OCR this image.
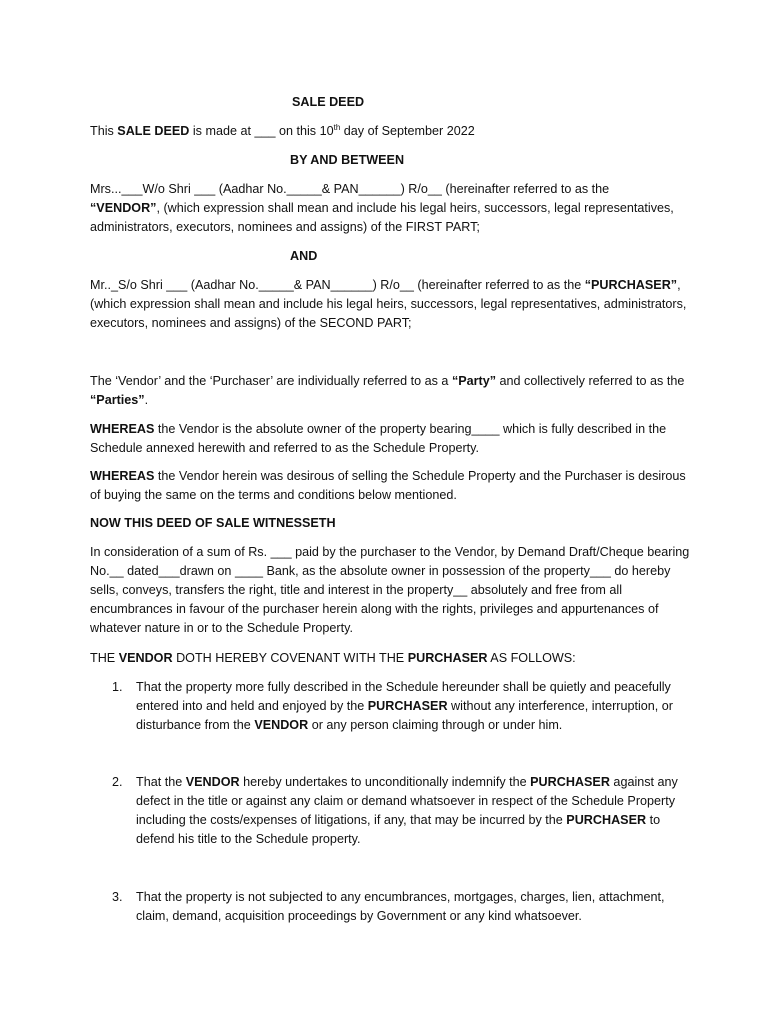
SALE DEED

This SALE DEED is made at ___ on this 10th day of September 2022

BY AND BETWEEN

Mrs...___W/o Shri ___ (Aadhar No._____& PAN______) R/o__ (hereinafter referred to as the
“VENDOR”, (which expression shall mean and include his legal heirs, successors, legal representatives, administrators, executors, nominees and assigns) of the FIRST PART;

AND

Mr.._S/o Shri ___ (Aadhar No._____& PAN______) R/o__ (hereinafter referred to as the “PURCHASER”, (which expression shall mean and include his legal heirs, successors, legal representatives, administrators, executors, nominees and assigns) of the SECOND PART;

The ‘Vendor’ and the ‘Purchaser’ are individually referred to as a “Party” and collectively referred to as the “Parties”.

WHEREAS the Vendor is the absolute owner of the property bearing____ which is fully described in the Schedule annexed herewith and referred to as the Schedule Property.

WHEREAS the Vendor herein was desirous of selling the Schedule Property and the Purchaser is desirous of buying the same on the terms and conditions below mentioned.

NOW THIS DEED OF SALE WITNESSETH

In consideration of a sum of Rs. ___ paid by the purchaser to the Vendor, by Demand Draft/Cheque bearing No.__ dated___drawn on ____ Bank, as the absolute owner in possession of the property___ do hereby sells, conveys, transfers the right, title and interest in the property__ absolutely and free from all encumbrances in favour of the purchaser herein along with the rights, privileges and appurtenances of whatever nature in or to the Schedule Property.

THE VENDOR DOTH HEREBY COVENANT WITH THE PURCHASER AS FOLLOWS:

1. That the property more fully described in the Schedule hereunder shall be quietly and peacefully entered into and held and enjoyed by the PURCHASER without any interference, interruption, or disturbance from the VENDOR or any person claiming through or under him.
2. That the VENDOR hereby undertakes to unconditionally indemnify the PURCHASER against any defect in the title or against any claim or demand whatsoever in respect of the Schedule Property including the costs/expenses of litigations, if any, that may be incurred by the PURCHASER to defend his title to the Schedule property.
3. That the property is not subjected to any encumbrances, mortgages, charges, lien, attachment, claim, demand, acquisition proceedings by Government or any kind whatsoever.
